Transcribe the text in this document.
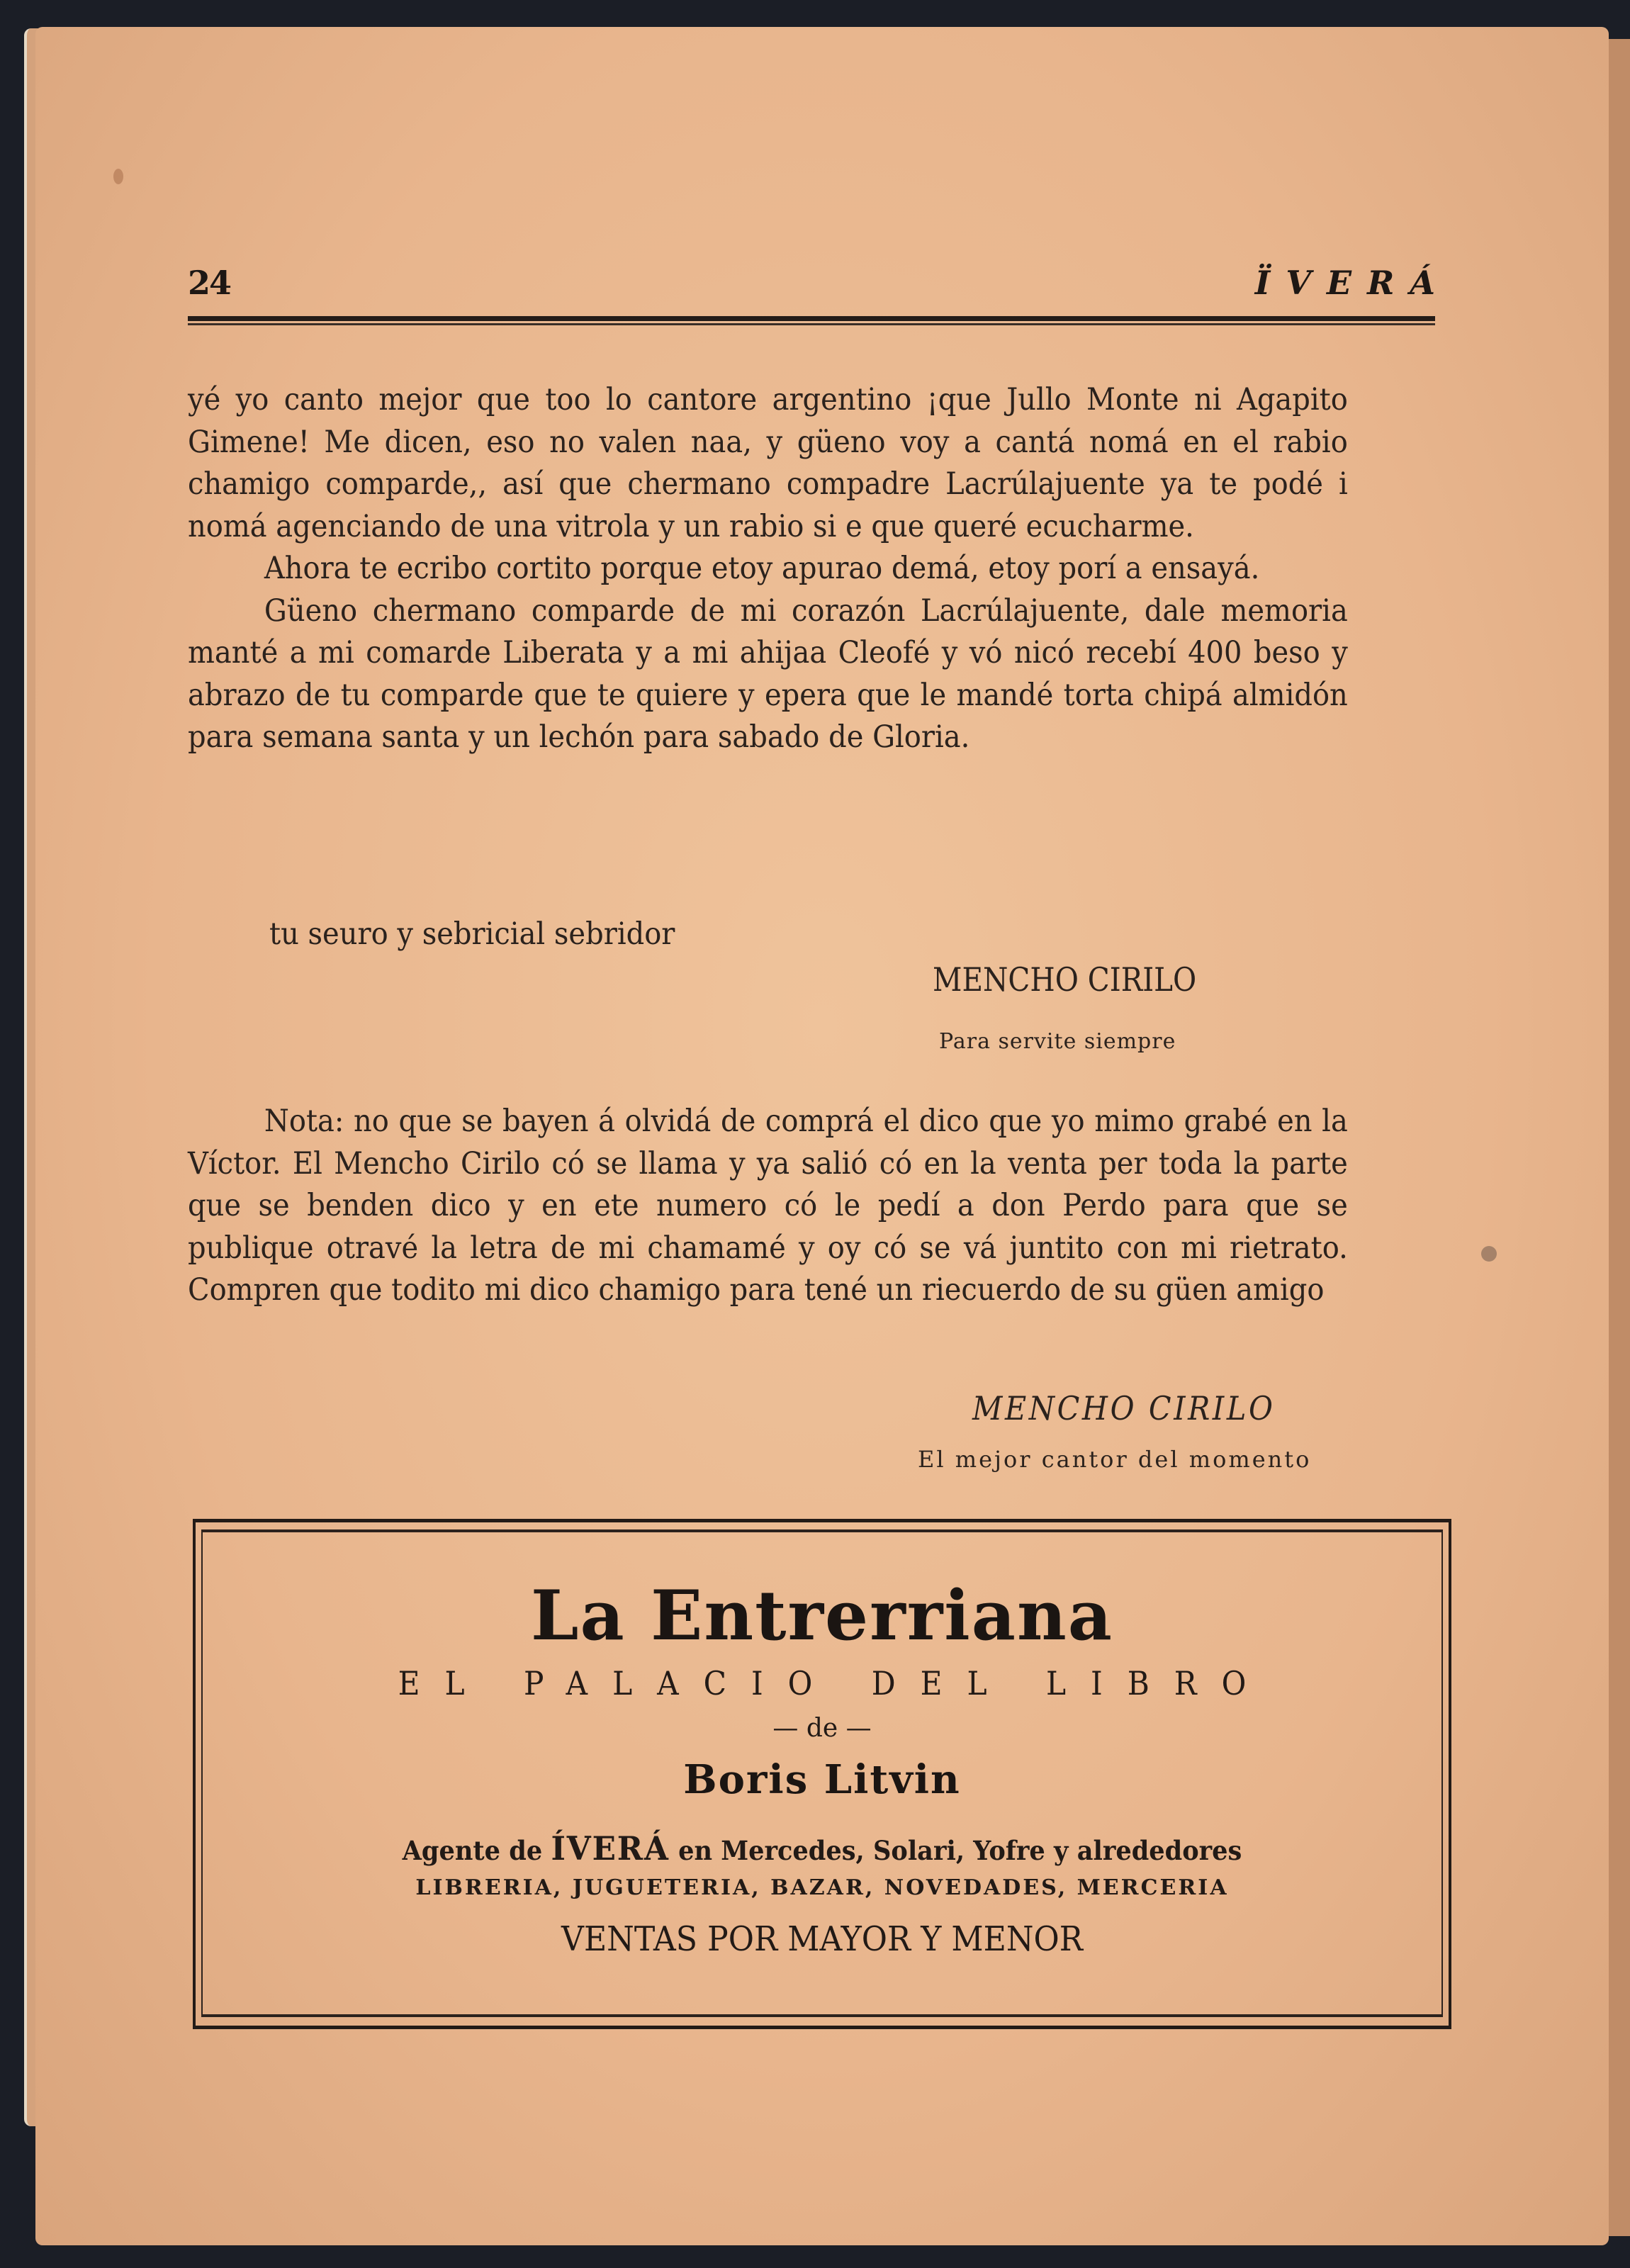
24	ÏVERÁ

yé yo canto mejor que too lo cantore argentino ¡que Jullo Monte ni Agapito Gimene! Me dicen, eso no valen naa, y güeno voy a cantá nomá en el rabio chamigo comparde,, así que chermano compadre Lacrúlajuente ya te podé i nomá agenciando de una vitrola y un rabio si e que queré ecucharme.

Ahora te ecribo cortito porque etoy apurao demá, etoy porí a ensayá.

Güeno chermano comparde de mi corazón Lacrúlajuente, dale memoria manté a mi comarde Liberata y a mi ahijaa Cleofé y vó nicó recebí 400 beso y abrazo de tu comparde que te quiere y epera que le mandé torta chipá almidón para semana santa y un lechón para sabado de Gloria.

tu seuro y sebricial sebridor
MENCHO CIRILO
Para servite siempre

Nota: no que se bayen á olvidá de comprá el dico que yo mimo grabé en la Víctor. El Mencho Cirilo có se llama y ya salió có en la venta per toda la parte que se benden dico y en ete numero có le pedí a don Perdo para que se publique otravé la letra de mi chamamé y oy có se vá juntito con mi rietrato. Compren que todito mi dico chamigo para tené un riecuerdo de su güen amigo

MENCHO CIRILO
El mejor cantor del momento
La Entrerriana
EL PALACIO DEL LIBRO
— de —
Boris Litvin
Agente de ÍVERÁ en Mercedes, Solari, Yofre y alrededores
LIBRERIA, JUGUETERIA, BAZAR, NOVEDADES, MERCERIA
VENTAS POR MAYOR Y MENOR
